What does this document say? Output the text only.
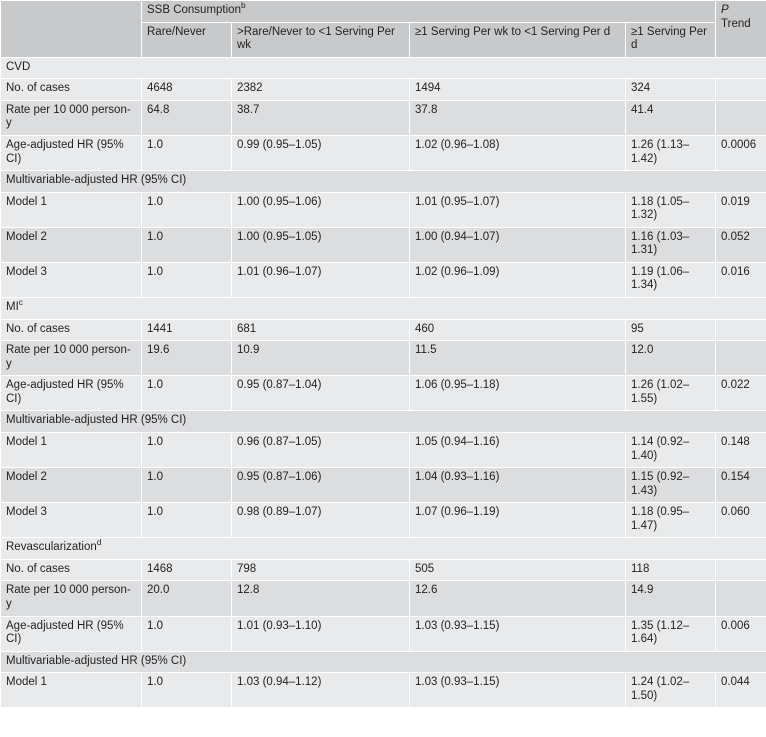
	SSB Consumption$^b$				P
Trend
	Rare/Never	>Rare/Never to <1 Serving Per wk	≥1 Serving Per wk to <1 Serving Per d	≥1 Serving Per d	
CVD					
No. of cases	4648	2382	1494	324	
Rate per 10 000 person-y	64.8	38.7	37.8	41.4	
Age-adjusted HR (95% CI)	1.0	0.99 (0.95–1.05)	1.02 (0.96–1.08)	1.26 (1.13–1.42)	0.0006
Multivariable-adjusted HR (95% CI)					
Model 1	1.0	1.00 (0.95–1.06)	1.01 (0.95–1.07)	1.18 (1.05–1.32)	0.019
Model 2	1.0	1.00 (0.95–1.05)	1.00 (0.94–1.07)	1.16 (1.03–1.31)	0.052
Model 3	1.0	1.01 (0.96–1.07)	1.02 (0.96–1.09)	1.19 (1.06–1.34)	0.016
$MI^c$
No. of cases	1441	681	460	95	
Rate per 10 000 person-y	19.6	10.9	11.5	12.0	
Age-adjusted HR (95% CI)	1.0	0.95 (0.87–1.04)	1.06 (0.95–1.18)	1.26 (1.02–1.55)	0.022
Multivariable-adjusted HR (95% CI)					
Model 1	1.0	0.96 (0.87–1.05)	1.05 (0.94–1.16)	1.14 (0.92–1.40)	0.148
Model 2	1.0	0.95 (0.87–1.06)	1.04 (0.93–1.16)	1.15 (0.92–1.43)	0.154
Model 3	1.0	0.98 (0.89–1.07)	1.07 (0.96–1.19)	1.18 (0.95–1.47)	0.060
Revascularization$^d$
No. of cases	1468	798	505	118	
Rate per 10 000 person-y	20.0	12.8	12.6	14.9	
Age-adjusted HR (95% CI)	1.0	1.01 (0.93–1.10)	1.03 (0.93–1.15)	1.35 (1.12–1.64)	0.006
Multivariable-adjusted HR (95% CI)					
Model 1	1.0	1.03 (0.94–1.12)	1.03 (0.93–1.15)	1.24 (1.02–1.50)	0.044
